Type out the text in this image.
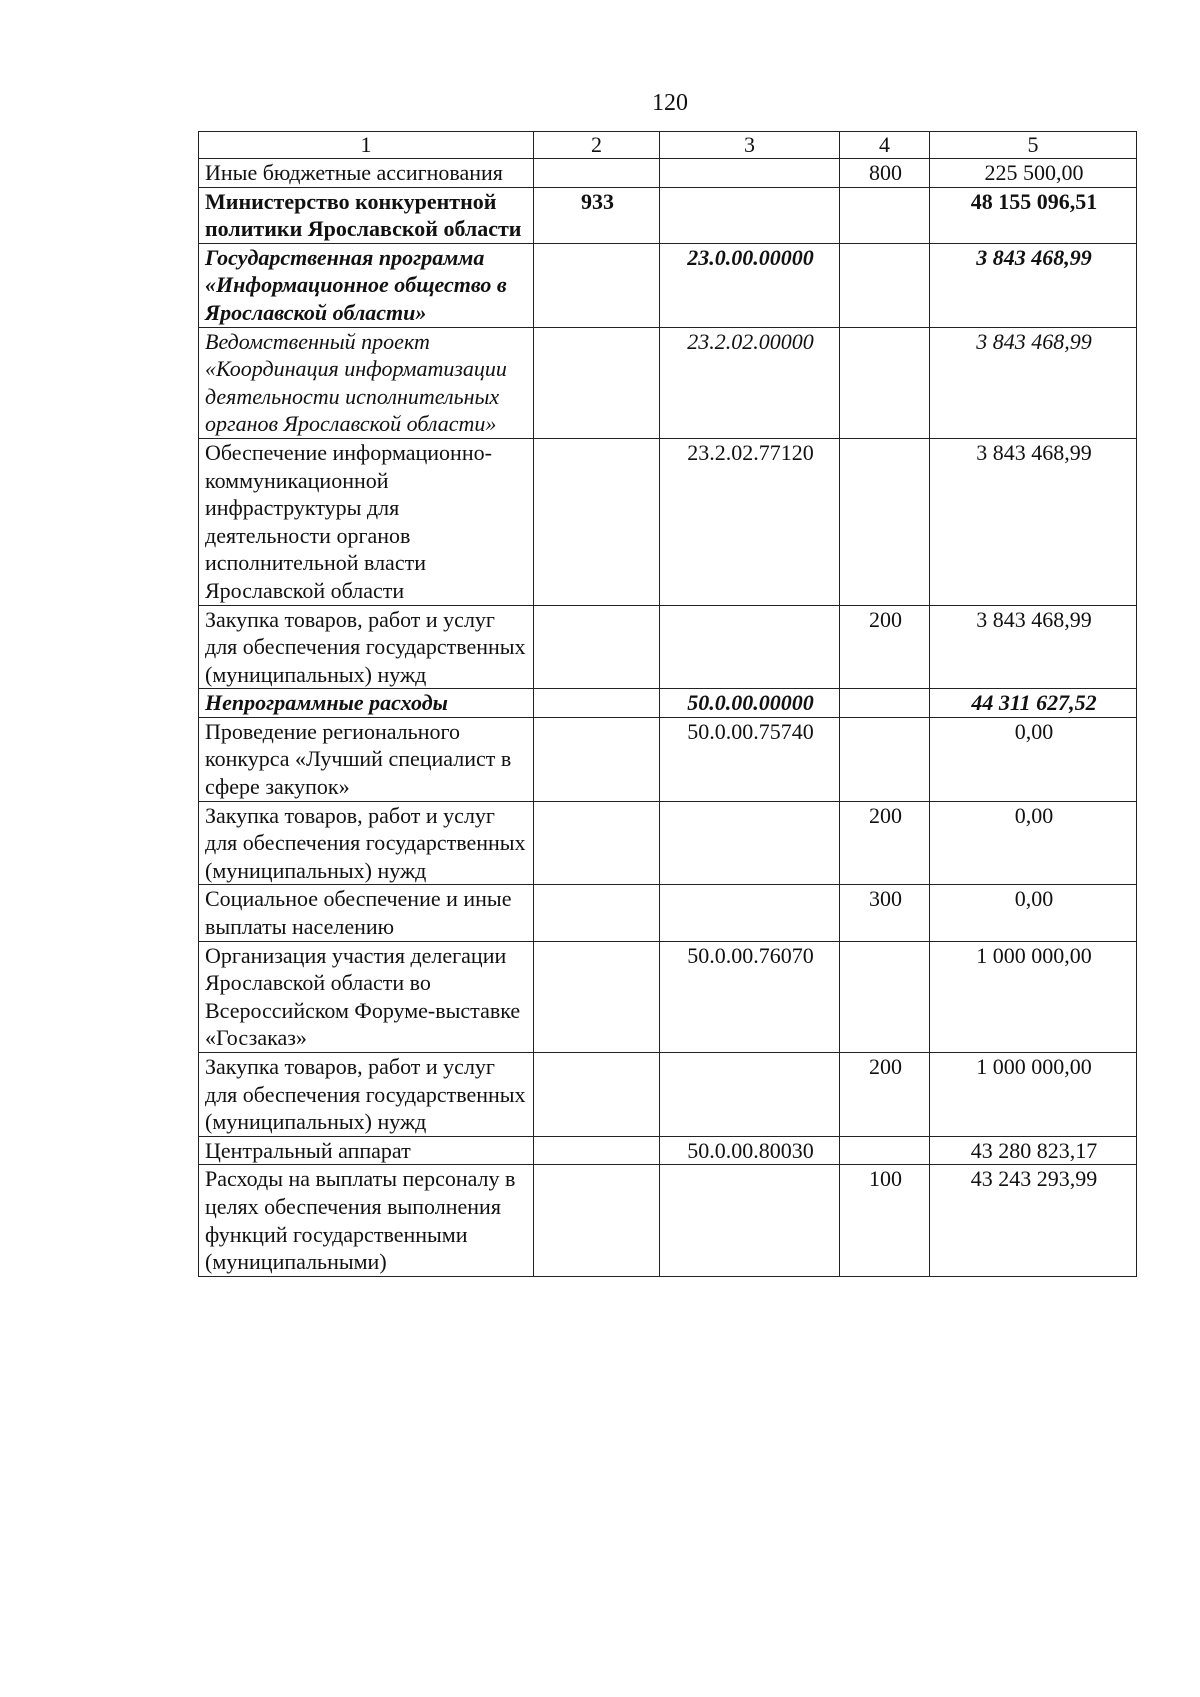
120
1	2	3	4	5
Иные бюджетные ассигнования			800	225 500,00
Министерство конкурентной политики Ярославской области	933			48 155 096,51
Государственная программа «Информационное общество в Ярославской области»		23.0.00.00000		3 843 468,99
Ведомственный проект «Координация информатизации деятельности исполнительных органов Ярославской области»		23.2.02.00000		3 843 468,99
Обеспечение информационно-коммуникационной инфраструктуры для деятельности органов исполнительной власти Ярославской области		23.2.02.77120		3 843 468,99
Закупка товаров, работ и услуг для обеспечения государственных (муниципальных) нужд			200	3 843 468,99
Непрограммные расходы		50.0.00.00000		44 311 627,52
Проведение регионального конкурса «Лучший специалист в сфере закупок»		50.0.00.75740		0,00
Закупка товаров, работ и услуг для обеспечения государственных (муниципальных) нужд			200	0,00
Социальное обеспечение и иные выплаты населению			300	0,00
Организация участия делегации Ярославской области во Всероссийском Форуме-выставке «Госзаказ»		50.0.00.76070		1 000 000,00
Закупка товаров, работ и услуг для обеспечения государственных (муниципальных) нужд			200	1 000 000,00
Центральный аппарат		50.0.00.80030		43 280 823,17
Расходы на выплаты персоналу в целях обеспечения выполнения функций государственными (муниципальными)			100	43 243 293,99
